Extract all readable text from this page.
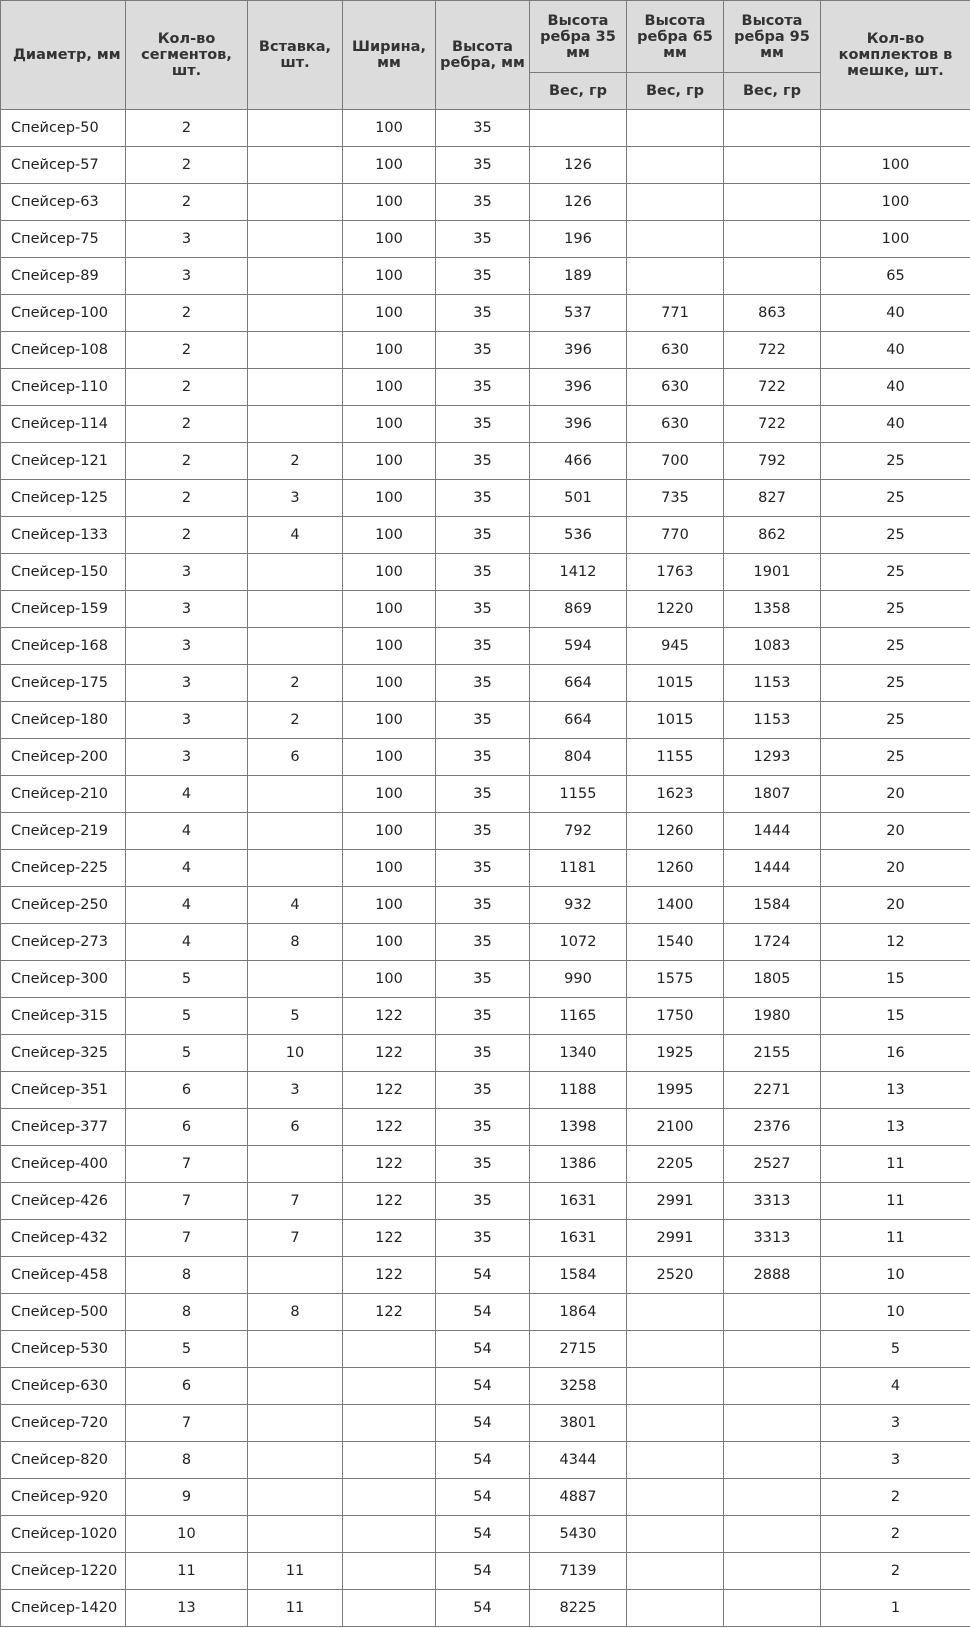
Диаметр, мм	Кол-во сегментов, шт.	Вставка, шт.	Ширина, мм	Высота ребра, мм	Высота ребра 35 мм	Высота ребра 65 мм	Высота ребра 95 мм	Кол-во комплектов в мешке, шт.
					Вес, гр	Вес, гр	Вес, гр	
Спейсер-50	2		100	35				
Спейсер-57	2		100	35	126			100
Спейсер-63	2		100	35	126			100
Спейсер-75	3		100	35	196			100
Спейсер-89	3		100	35	189			65
Спейсер-100	2		100	35	537	771	863	40
Спейсер-108	2		100	35	396	630	722	40
Спейсер-110	2		100	35	396	630	722	40
Спейсер-114	2		100	35	396	630	722	40
Спейсер-121	2	2	100	35	466	700	792	25
Спейсер-125	2	3	100	35	501	735	827	25
Спейсер-133	2	4	100	35	536	770	862	25
Спейсер-150	3		100	35	1412	1763	1901	25
Спейсер-159	3		100	35	869	1220	1358	25
Спейсер-168	3		100	35	594	945	1083	25
Спейсер-175	3	2	100	35	664	1015	1153	25
Спейсер-180	3	2	100	35	664	1015	1153	25
Спейсер-200	3	6	100	35	804	1155	1293	25
Спейсер-210	4		100	35	1155	1623	1807	20
Спейсер-219	4		100	35	792	1260	1444	20
Спейсер-225	4		100	35	1181	1260	1444	20
Спейсер-250	4	4	100	35	932	1400	1584	20
Спейсер-273	4	8	100	35	1072	1540	1724	12
Спейсер-300	5		100	35	990	1575	1805	15
Спейсер-315	5	5	122	35	1165	1750	1980	15
Спейсер-325	5	10	122	35	1340	1925	2155	16
Спейсер-351	6	3	122	35	1188	1995	2271	13
Спейсер-377	6	6	122	35	1398	2100	2376	13
Спейсер-400	7		122	35	1386	2205	2527	11
Спейсер-426	7	7	122	35	1631	2991	3313	11
Спейсер-432	7	7	122	35	1631	2991	3313	11
Спейсер-458	8		122	54	1584	2520	2888	10
Спейсер-500	8	8	122	54	1864			10
Спейсер-530	5			54	2715			5
Спейсер-630	6			54	3258			4
Спейсер-720	7			54	3801			3
Спейсер-820	8			54	4344			3
Спейсер-920	9			54	4887			2
Спейсер-1020	10			54	5430			2
Спейсер-1220	11	11		54	7139			2
Спейсер-1420	13	11		54	8225			1
